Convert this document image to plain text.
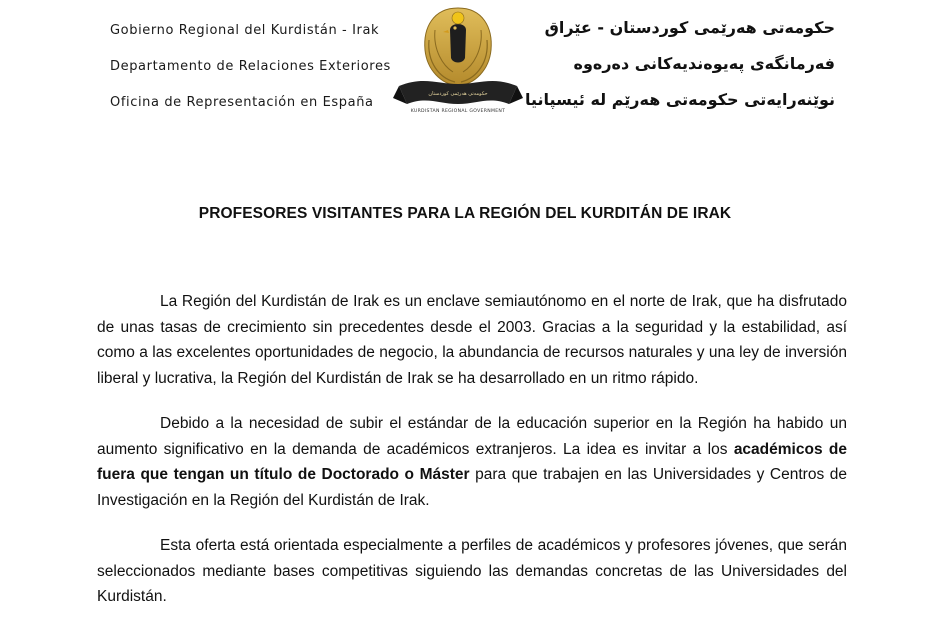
Gobierno Regional del Kurdistán - Irak
Departamento de Relaciones Exteriores
Oficina de Representación en España
حکومەتی هەرێمی کوردستان
KURDISTAN REGIONAL GOVERNMENT
حکومەتی هەرێمی کوردستان - عێراق
فەرمانگەی پەیوەندیەکانی دەرەوە
نوێنەرایەتی حکومەتی هەرێم لە ئیسپانیا
PROFESORES VISITANTES PARA LA REGIÓN DEL KURDITÁN DE IRAK

La Región del Kurdistán de Irak es un enclave semiautónomo en el norte de Irak, que ha disfrutado de unas tasas de crecimiento sin precedentes desde el 2003. Gracias a la seguridad y la estabilidad, así como a las excelentes oportunidades de negocio, la abundancia de recursos naturales y una ley de inversión liberal y lucrativa, la Región del Kurdistán de Irak se ha desarrollado en un ritmo rápido.

Debido a la necesidad de subir el estándar de la educación superior en la Región ha habido un aumento significativo en la demanda de académicos extranjeros. La idea es invitar a los académicos de fuera que tengan un título de Doctorado o Máster para que trabajen en las Universidades y Centros de Investigación en la Región del Kurdistán de Irak.

Esta oferta está orientada especialmente a perfiles de académicos y profesores jóvenes, que serán seleccionados mediante bases competitivas siguiendo las demandas concretas de las Universidades del Kurdistán.
